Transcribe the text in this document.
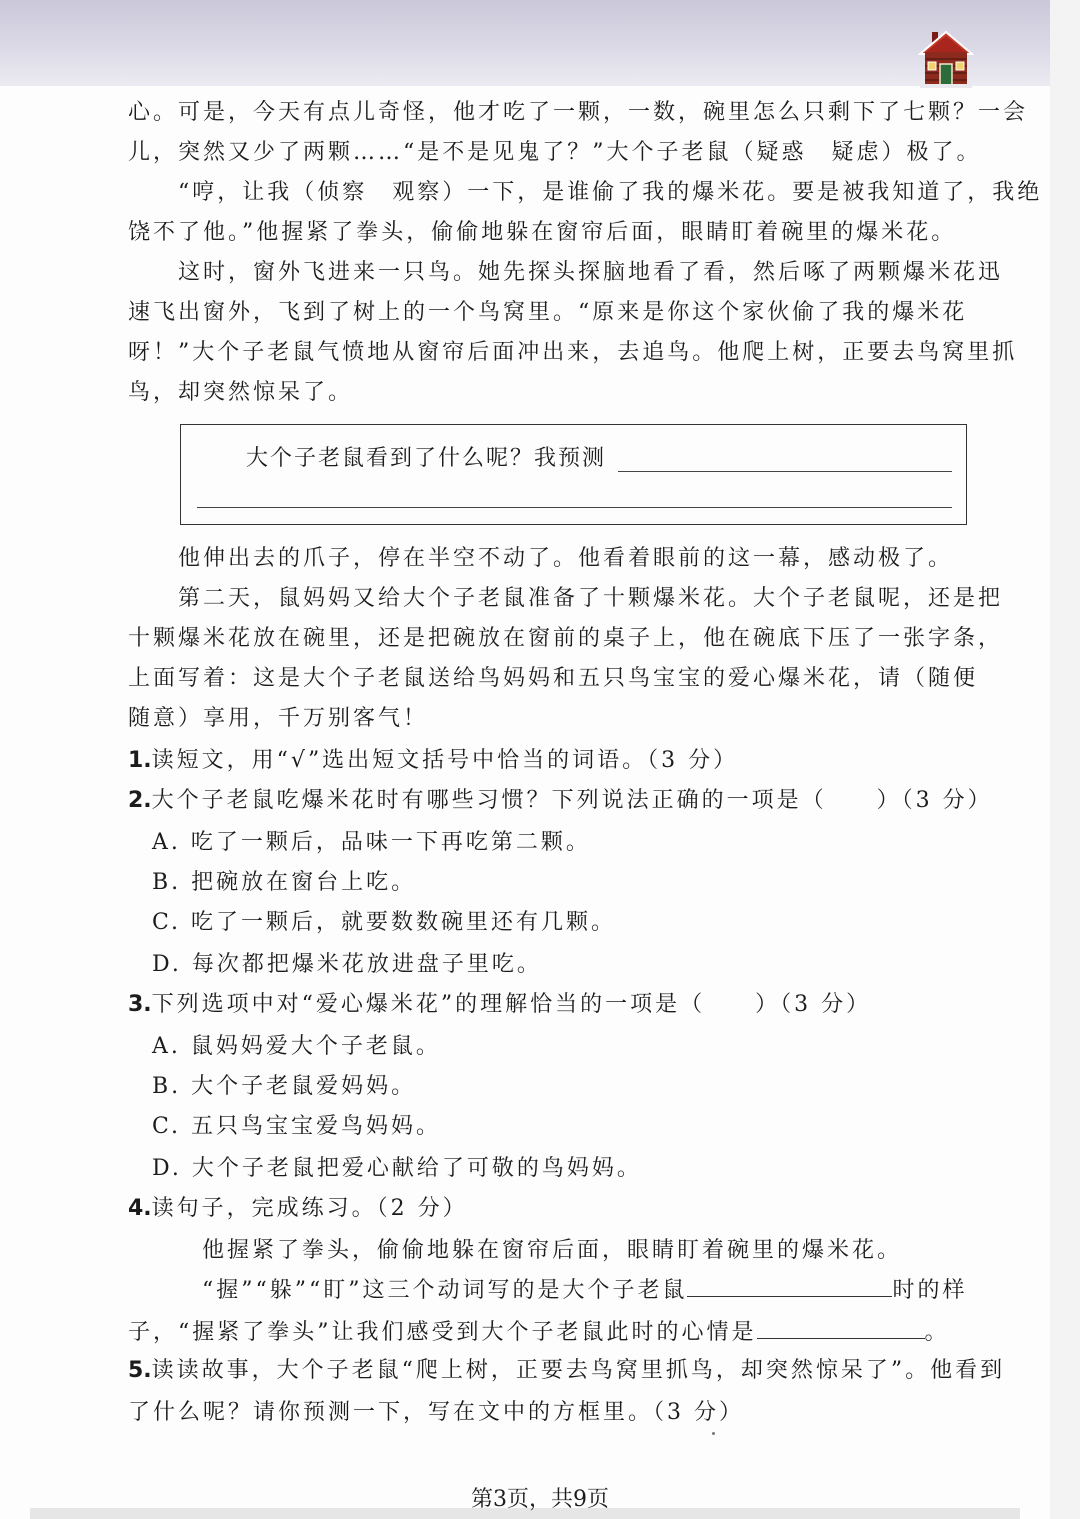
心。可是，今天有点儿奇怪，他才吃了一颗，一数，碗里怎么只剩下了七颗？一会
儿，突然又少了两颗……“是不是见鬼了？”大个子老鼠（疑惑　疑虑）极了。
“哼，让我（侦察　观察）一下，是谁偷了我的爆米花。要是被我知道了，我绝
饶不了他。”他握紧了拳头，偷偷地躲在窗帘后面，眼睛盯着碗里的爆米花。
这时，窗外飞进来一只鸟。她先探头探脑地看了看，然后啄了两颗爆米花迅
速飞出窗外，飞到了树上的一个鸟窝里。“原来是你这个家伙偷了我的爆米花
呀！”大个子老鼠气愤地从窗帘后面冲出来，去追鸟。他爬上树，正要去鸟窝里抓
鸟，却突然惊呆了。
大个子老鼠看到了什么呢？我预测
他伸出去的爪子，停在半空不动了。他看着眼前的这一幕，感动极了。
第二天，鼠妈妈又给大个子老鼠准备了十颗爆米花。大个子老鼠呢，还是把
十颗爆米花放在碗里，还是把碗放在窗前的桌子上，他在碗底下压了一张字条，
上面写着：这是大个子老鼠送给鸟妈妈和五只鸟宝宝的爱心爆米花，请（随便
随意）享用，千万别客气！
1.读短文，用“√”选出短文括号中恰当的词语。（3 分）
2.大个子老鼠吃爆米花时有哪些习惯？下列说法正确的一项是（　　）（3 分）
A. 吃了一颗后，品味一下再吃第二颗。
B. 把碗放在窗台上吃。
C. 吃了一颗后，就要数数碗里还有几颗。
D. 每次都把爆米花放进盘子里吃。
3.下列选项中对“爱心爆米花”的理解恰当的一项是（　　）（3 分）
A. 鼠妈妈爱大个子老鼠。
B. 大个子老鼠爱妈妈。
C. 五只鸟宝宝爱鸟妈妈。
D. 大个子老鼠把爱心献给了可敬的鸟妈妈。
4.读句子，完成练习。（2 分）
他握紧了拳头，偷偷地躲在窗帘后面，眼睛盯着碗里的爆米花。
“握”“躲”“盯”这三个动词写的是大个子老鼠	时的样
子，“握紧了拳头”让我们感受到大个子老鼠此时的心情是	。
5.读读故事，大个子老鼠“爬上树，正要去鸟窝里抓鸟，却突然惊呆了”。他看到
了什么呢？请你预测一下，写在文中的方框里。（3 分）
第3页，共9页
